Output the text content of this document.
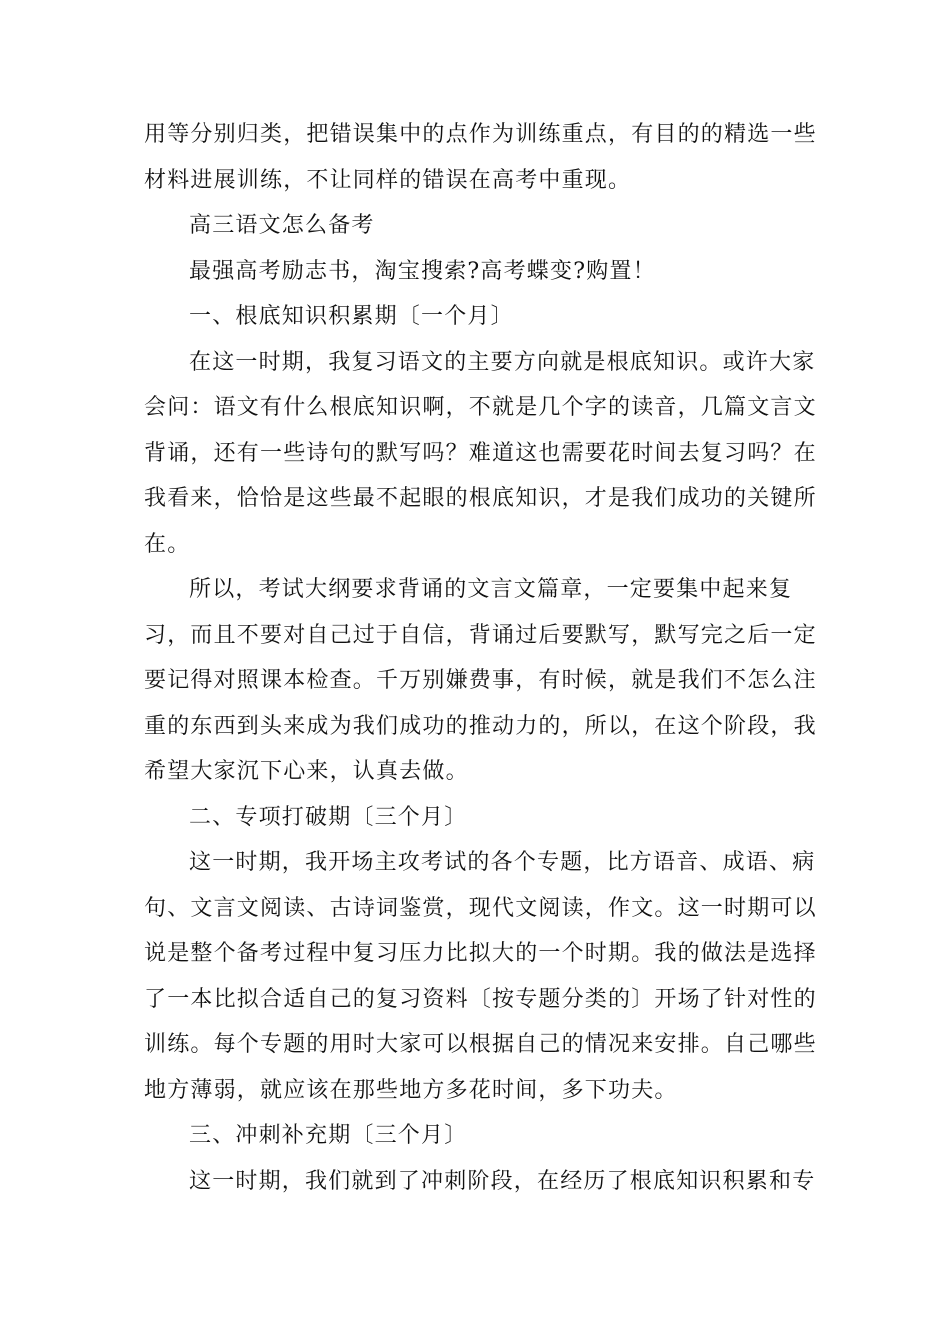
用等分别归类，把错误集中的点作为训练重点，有目的的精选一些材料进展训练，不让同样的错误在高考中重现。

高三语文怎么备考

最强高考励志书，淘宝搜索?高考蝶变?购置！

一、根底知识积累期〔一个月〕

在这一时期，我复习语文的主要方向就是根底知识。或许大家会问：语文有什么根底知识啊，不就是几个字的读音，几篇文言文背诵，还有一些诗句的默写吗？难道这也需要花时间去复习吗？在我看来，恰恰是这些最不起眼的根底知识，才是我们成功的关键所在。

所以，考试大纲要求背诵的文言文篇章，一定要集中起来复习，而且不要对自己过于自信，背诵过后要默写，默写完之后一定要记得对照课本检查。千万别嫌费事，有时候，就是我们不怎么注重的东西到头来成为我们成功的推动力的，所以，在这个阶段，我希望大家沉下心来，认真去做。

二、专项打破期〔三个月〕

这一时期，我开场主攻考试的各个专题，比方语音、成语、病句、文言文阅读、古诗词鉴赏，现代文阅读，作文。这一时期可以说是整个备考过程中复习压力比拟大的一个时期。我的做法是选择了一本比拟合适自己的复习资料〔按专题分类的〕开场了针对性的训练。每个专题的用时大家可以根据自己的情况来安排。自己哪些地方薄弱，就应该在那些地方多花时间，多下功夫。

三、冲刺补充期〔三个月〕

这一时期，我们就到了冲刺阶段，在经历了根底知识积累和专
